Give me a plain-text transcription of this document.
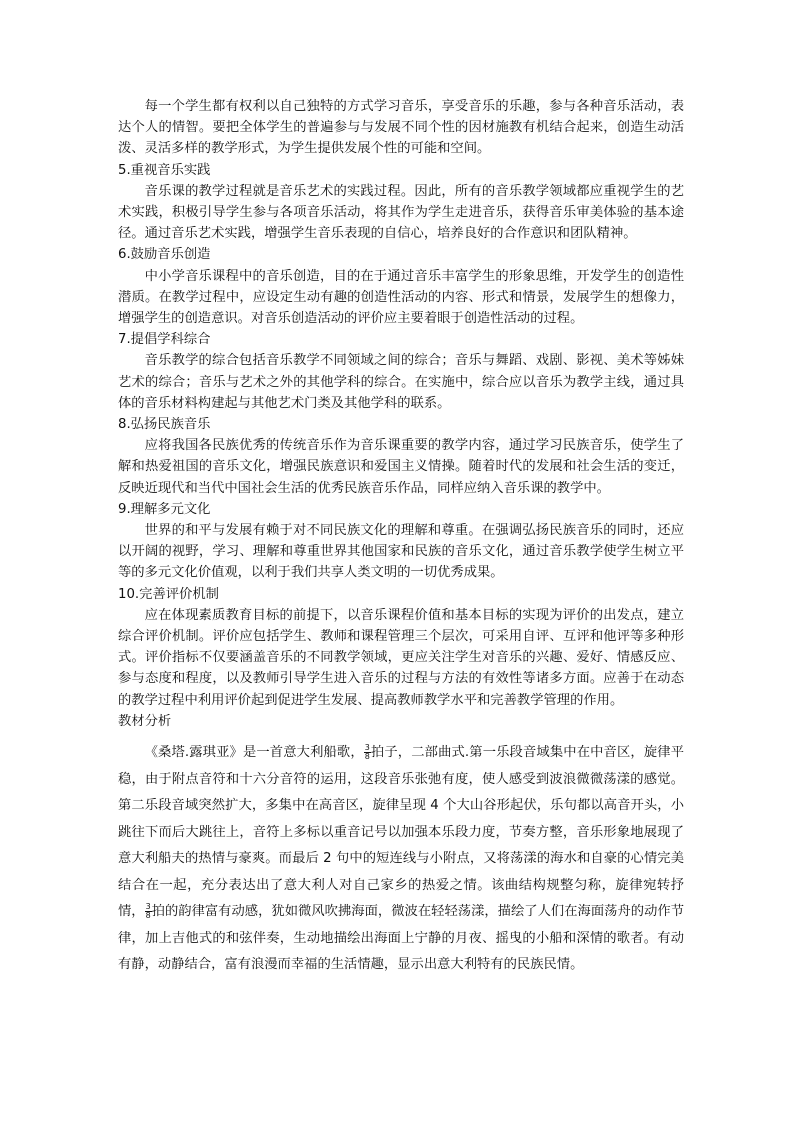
每一个学生都有权利以自己独特的方式学习音乐，享受音乐的乐趣，参与各种音乐活动，表达个人的情智。要把全体学生的普遍参与与发展不同个性的因材施教有机结合起来，创造生动活泼、灵活多样的教学形式，为学生提供发展个性的可能和空间。

5.重视音乐实践

音乐课的教学过程就是音乐艺术的实践过程。因此，所有的音乐教学领域都应重视学生的艺术实践，积极引导学生参与各项音乐活动，将其作为学生走进音乐，获得音乐审美体验的基本途径。通过音乐艺术实践，增强学生音乐表现的自信心，培养良好的合作意识和团队精神。

6.鼓励音乐创造

中小学音乐课程中的音乐创造，目的在于通过音乐丰富学生的形象思维，开发学生的创造性潜质。在教学过程中，应设定生动有趣的创造性活动的内容、形式和情景，发展学生的想像力，增强学生的创造意识。对音乐创造活动的评价应主要着眼于创造性活动的过程。

7.提倡学科综合

音乐教学的综合包括音乐教学不同领域之间的综合；音乐与舞蹈、戏剧、影视、美术等姊妹艺术的综合；音乐与艺术之外的其他学科的综合。在实施中，综合应以音乐为教学主线，通过具体的音乐材料构建起与其他艺术门类及其他学科的联系。

8.弘扬民族音乐

应将我国各民族优秀的传统音乐作为音乐课重要的教学内容，通过学习民族音乐，使学生了解和热爱祖国的音乐文化，增强民族意识和爱国主义情操。随着时代的发展和社会生活的变迁，反映近现代和当代中国社会生活的优秀民族音乐作品，同样应纳入音乐课的教学中。

9.理解多元文化

世界的和平与发展有赖于对不同民族文化的理解和尊重。在强调弘扬民族音乐的同时，还应以开阔的视野，学习、理解和尊重世界其他国家和民族的音乐文化，通过音乐教学使学生树立平等的多元文化价值观，以利于我们共享人类文明的一切优秀成果。

10.完善评价机制

应在体现素质教育目标的前提下，以音乐课程价值和基本目标的实现为评价的出发点，建立综合评价机制。评价应包括学生、教师和课程管理三个层次，可采用自评、互评和他评等多种形式。评价指标不仅要涵盖音乐的不同教学领域，更应关注学生对音乐的兴趣、爱好、情感反应、参与态度和程度，以及教师引导学生进入音乐的过程与方法的有效性等诸多方面。应善于在动态的教学过程中利用评价起到促进学生发展、提高教师教学水平和完善教学管理的作用。

教材分析

《桑塔.露琪亚》是一首意大利船歌， $\frac{3}{8}$ 拍子，二部曲式.第一乐段音域集中在中音区，旋律平稳，由于附点音符和十六分音符的运用，这段音乐张弛有度，使人感受到波浪微微荡漾的感觉。第二乐段音域突然扩大，多集中在高音区，旋律呈现 4 个大山谷形起伏，乐句都以高音开头，小跳往下而后大跳往上，音符上多标以重音记号以加强本乐段力度，节奏方整，音乐形象地展现了意大利船夫的热情与豪爽。而最后 2 句中的短连线与小附点，又将荡漾的海水和自豪的心情完美结合在一起，充分表达出了意大利人对自己家乡的热爱之情。该曲结构规整匀称，旋律宛转抒情， $\frac{3}{8}$ 拍的韵律富有动感，犹如微风吹拂海面，微波在轻轻荡漾，描绘了人们在海面荡舟的动作节律，加上吉他式的和弦伴奏，生动地描绘出海面上宁静的月夜、摇曳的小船和深情的歌者。有动有静，动静结合，富有浪漫而幸福的生活情趣，显示出意大利特有的民族民情。
